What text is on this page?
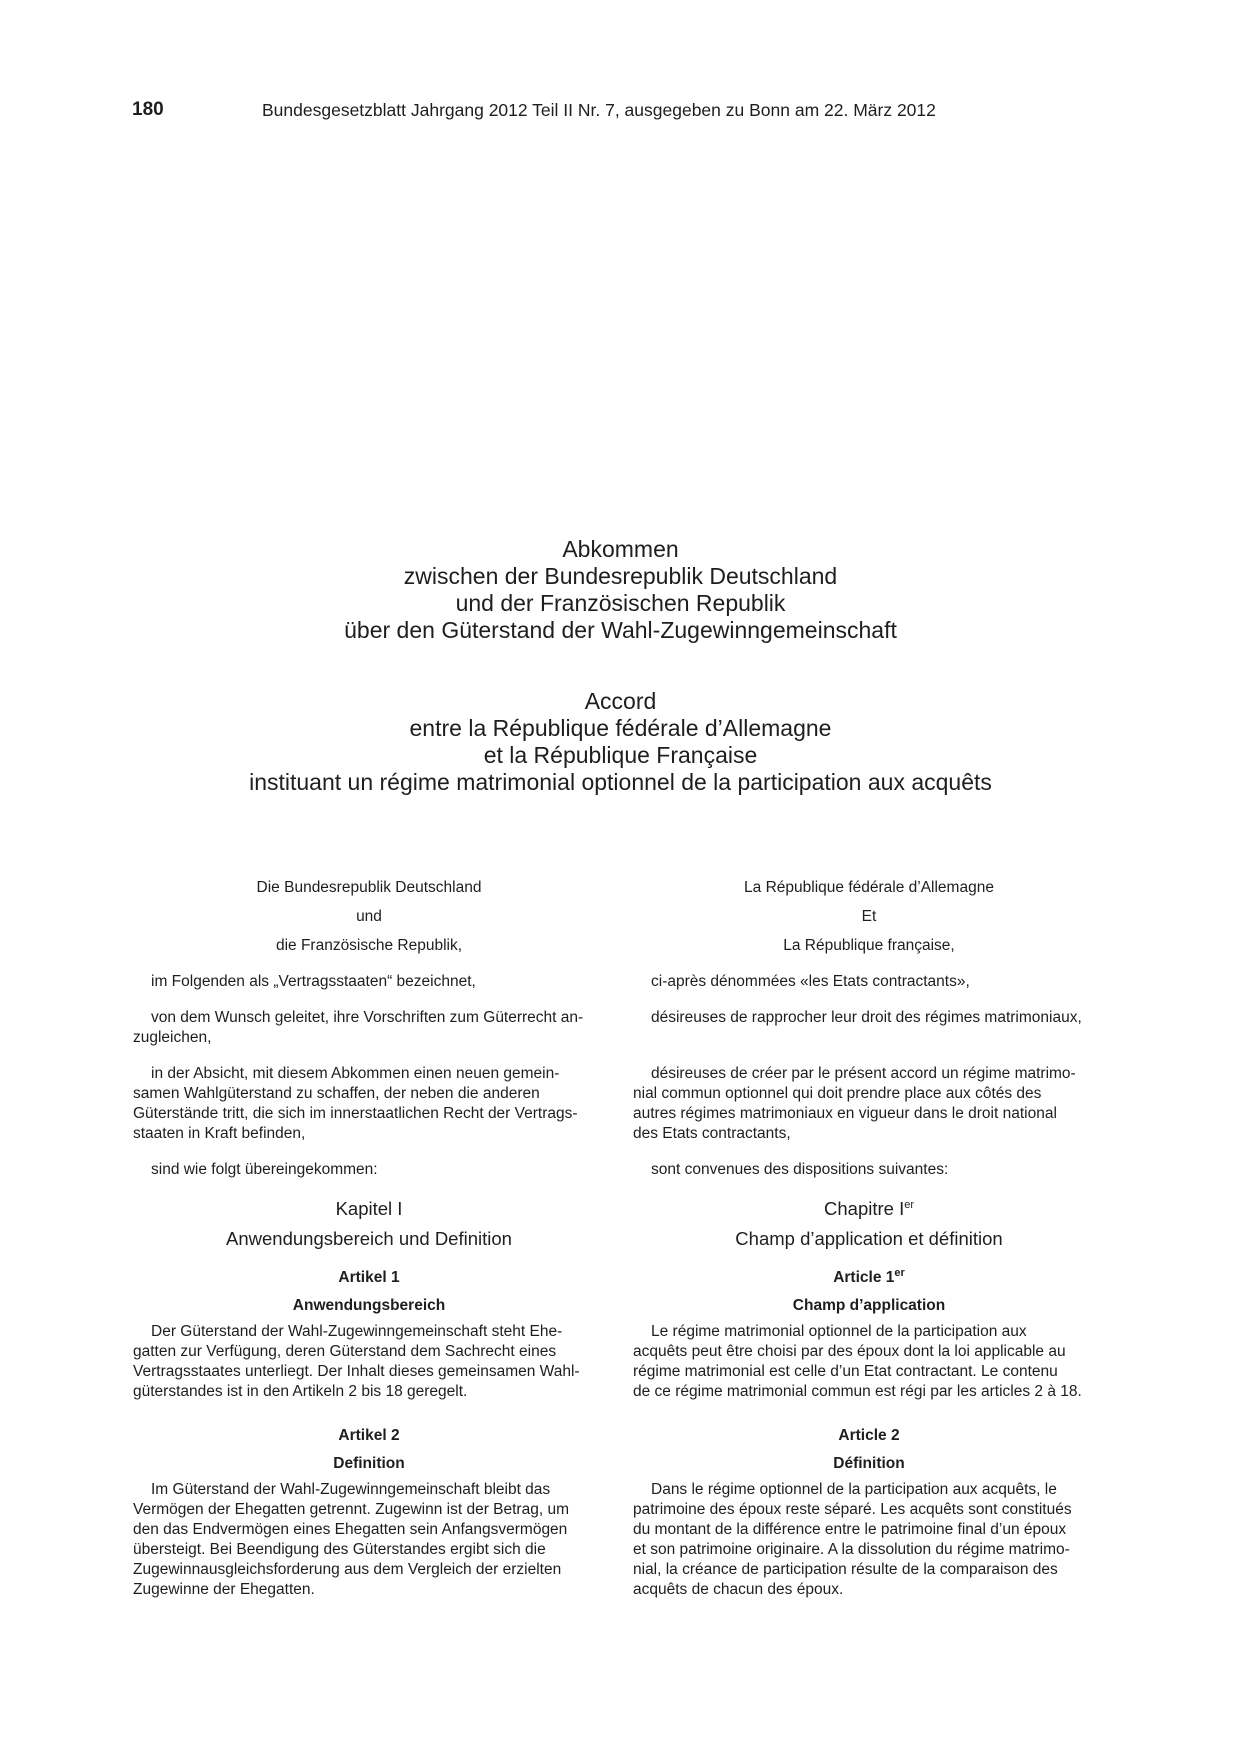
180	Bundesgesetzblatt Jahrgang 2012 Teil II Nr. 7, ausgegeben zu Bonn am 22. März 2012
Abkommen
zwischen der Bundesrepublik Deutschland
und der Französischen Republik
über den Güterstand der Wahl-Zugewinngemeinschaft
Accord
entre la République fédérale d’Allemagne
et la République Française
instituant un régime matrimonial optionnel de la participation aux acquêts
Die Bundesrepublik Deutschland
und
die Französische Republik,
im Folgenden als „Vertragsstaaten“ bezeichnet,
von dem Wunsch geleitet, ihre Vorschriften zum Güterrecht an-
zugleichen,
in der Absicht, mit diesem Abkommen einen neuen gemein-
samen Wahlgüterstand zu schaffen, der neben die anderen
Güterstände tritt, die sich im innerstaatlichen Recht der Vertrags-
staaten in Kraft befinden,
sind wie folgt übereingekommen:
Kapitel I
Anwendungsbereich und Definition
Artikel 1
Anwendungsbereich
Der Güterstand der Wahl-Zugewinngemeinschaft steht Ehe-
gatten zur Verfügung, deren Güterstand dem Sachrecht eines
Vertragsstaates unterliegt. Der Inhalt dieses gemeinsamen Wahl-
güterstandes ist in den Artikeln 2 bis 18 geregelt.
Artikel 2
Definition
Im Güterstand der Wahl-Zugewinngemeinschaft bleibt das
Vermögen der Ehegatten getrennt. Zugewinn ist der Betrag, um
den das Endvermögen eines Ehegatten sein Anfangsvermögen
übersteigt. Bei Beendigung des Güterstandes ergibt sich die
Zugewinnausgleichsforderung aus dem Vergleich der erzielten
Zugewinne der Ehegatten.
La République fédérale d’Allemagne
Et
La République française,
ci-après dénommées «les Etats contractants»,
désireuses de rapprocher leur droit des régimes matrimoniaux,
désireuses de créer par le présent accord un régime matrimo-
nial commun optionnel qui doit prendre place aux côtés des
autres régimes matrimoniaux en vigueur dans le droit national
des Etats contractants,
sont convenues des dispositions suivantes:
Chapitre Ier
Champ d’application et définition
Article 1er
Champ d’application
Le régime matrimonial optionnel de la participation aux
acquêts peut être choisi par des époux dont la loi applicable au
régime matrimonial est celle d’un Etat contractant. Le contenu
de ce régime matrimonial commun est régi par les articles 2 à 18.
Article 2
Définition
Dans le régime optionnel de la participation aux acquêts, le
patrimoine des époux reste séparé. Les acquêts sont constitués
du montant de la différence entre le patrimoine final d’un époux
et son patrimoine originaire. A la dissolution du régime matrimo-
nial, la créance de participation résulte de la comparaison des
acquêts de chacun des époux.
